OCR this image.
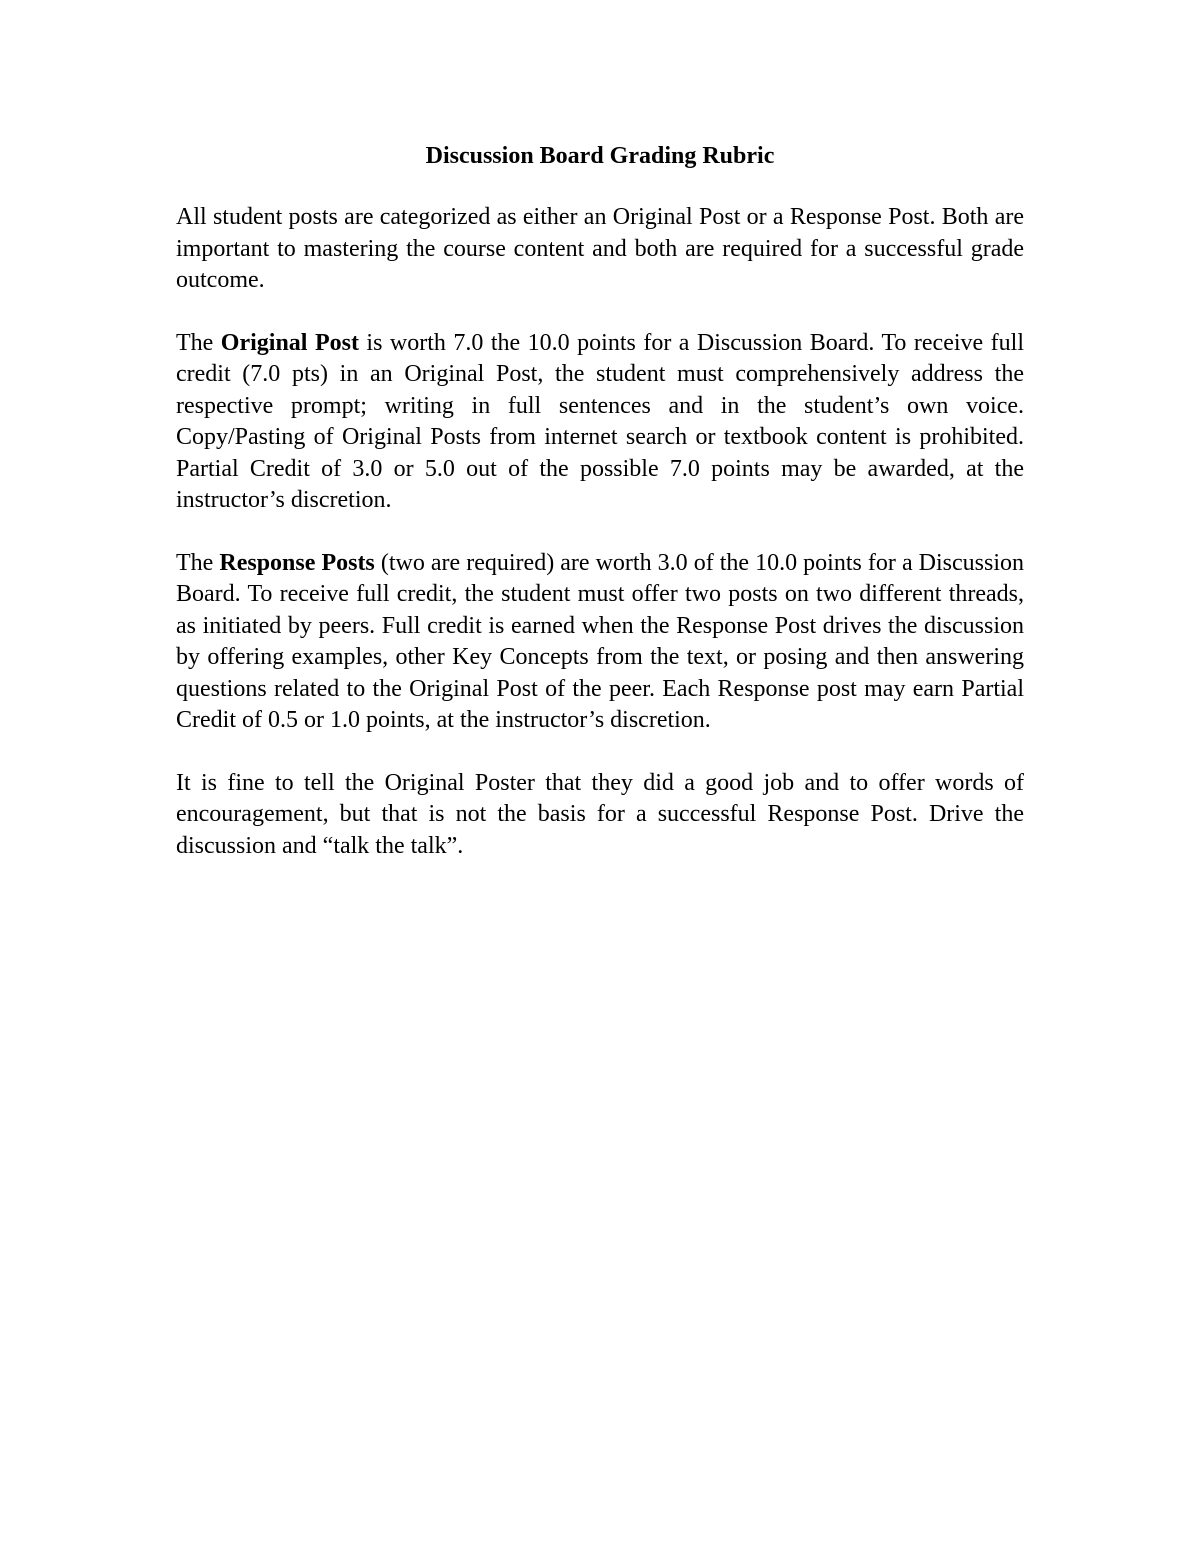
Discussion Board Grading Rubric

All student posts are categorized as either an Original Post or a Response Post. Both are important to mastering the course content and both are required for a successful grade outcome.

The Original Post is worth 7.0 the 10.0 points for a Discussion Board. To receive full credit (7.0 pts) in an Original Post, the student must comprehensively address the respective prompt; writing in full sentences and in the student’s own voice. Copy/Pasting of Original Posts from internet search or textbook content is prohibited. Partial Credit of 3.0 or 5.0 out of the possible 7.0 points may be awarded, at the instructor’s discretion.

The Response Posts (two are required) are worth 3.0 of the 10.0 points for a Discussion Board. To receive full credit, the student must offer two posts on two different threads, as initiated by peers. Full credit is earned when the Response Post drives the discussion by offering examples, other Key Concepts from the text, or posing and then answering questions related to the Original Post of the peer. Each Response post may earn Partial Credit of 0.5 or 1.0 points, at the instructor’s discretion.

It is fine to tell the Original Poster that they did a good job and to offer words of encouragement, but that is not the basis for a successful Response Post. Drive the discussion and “talk the talk”.
